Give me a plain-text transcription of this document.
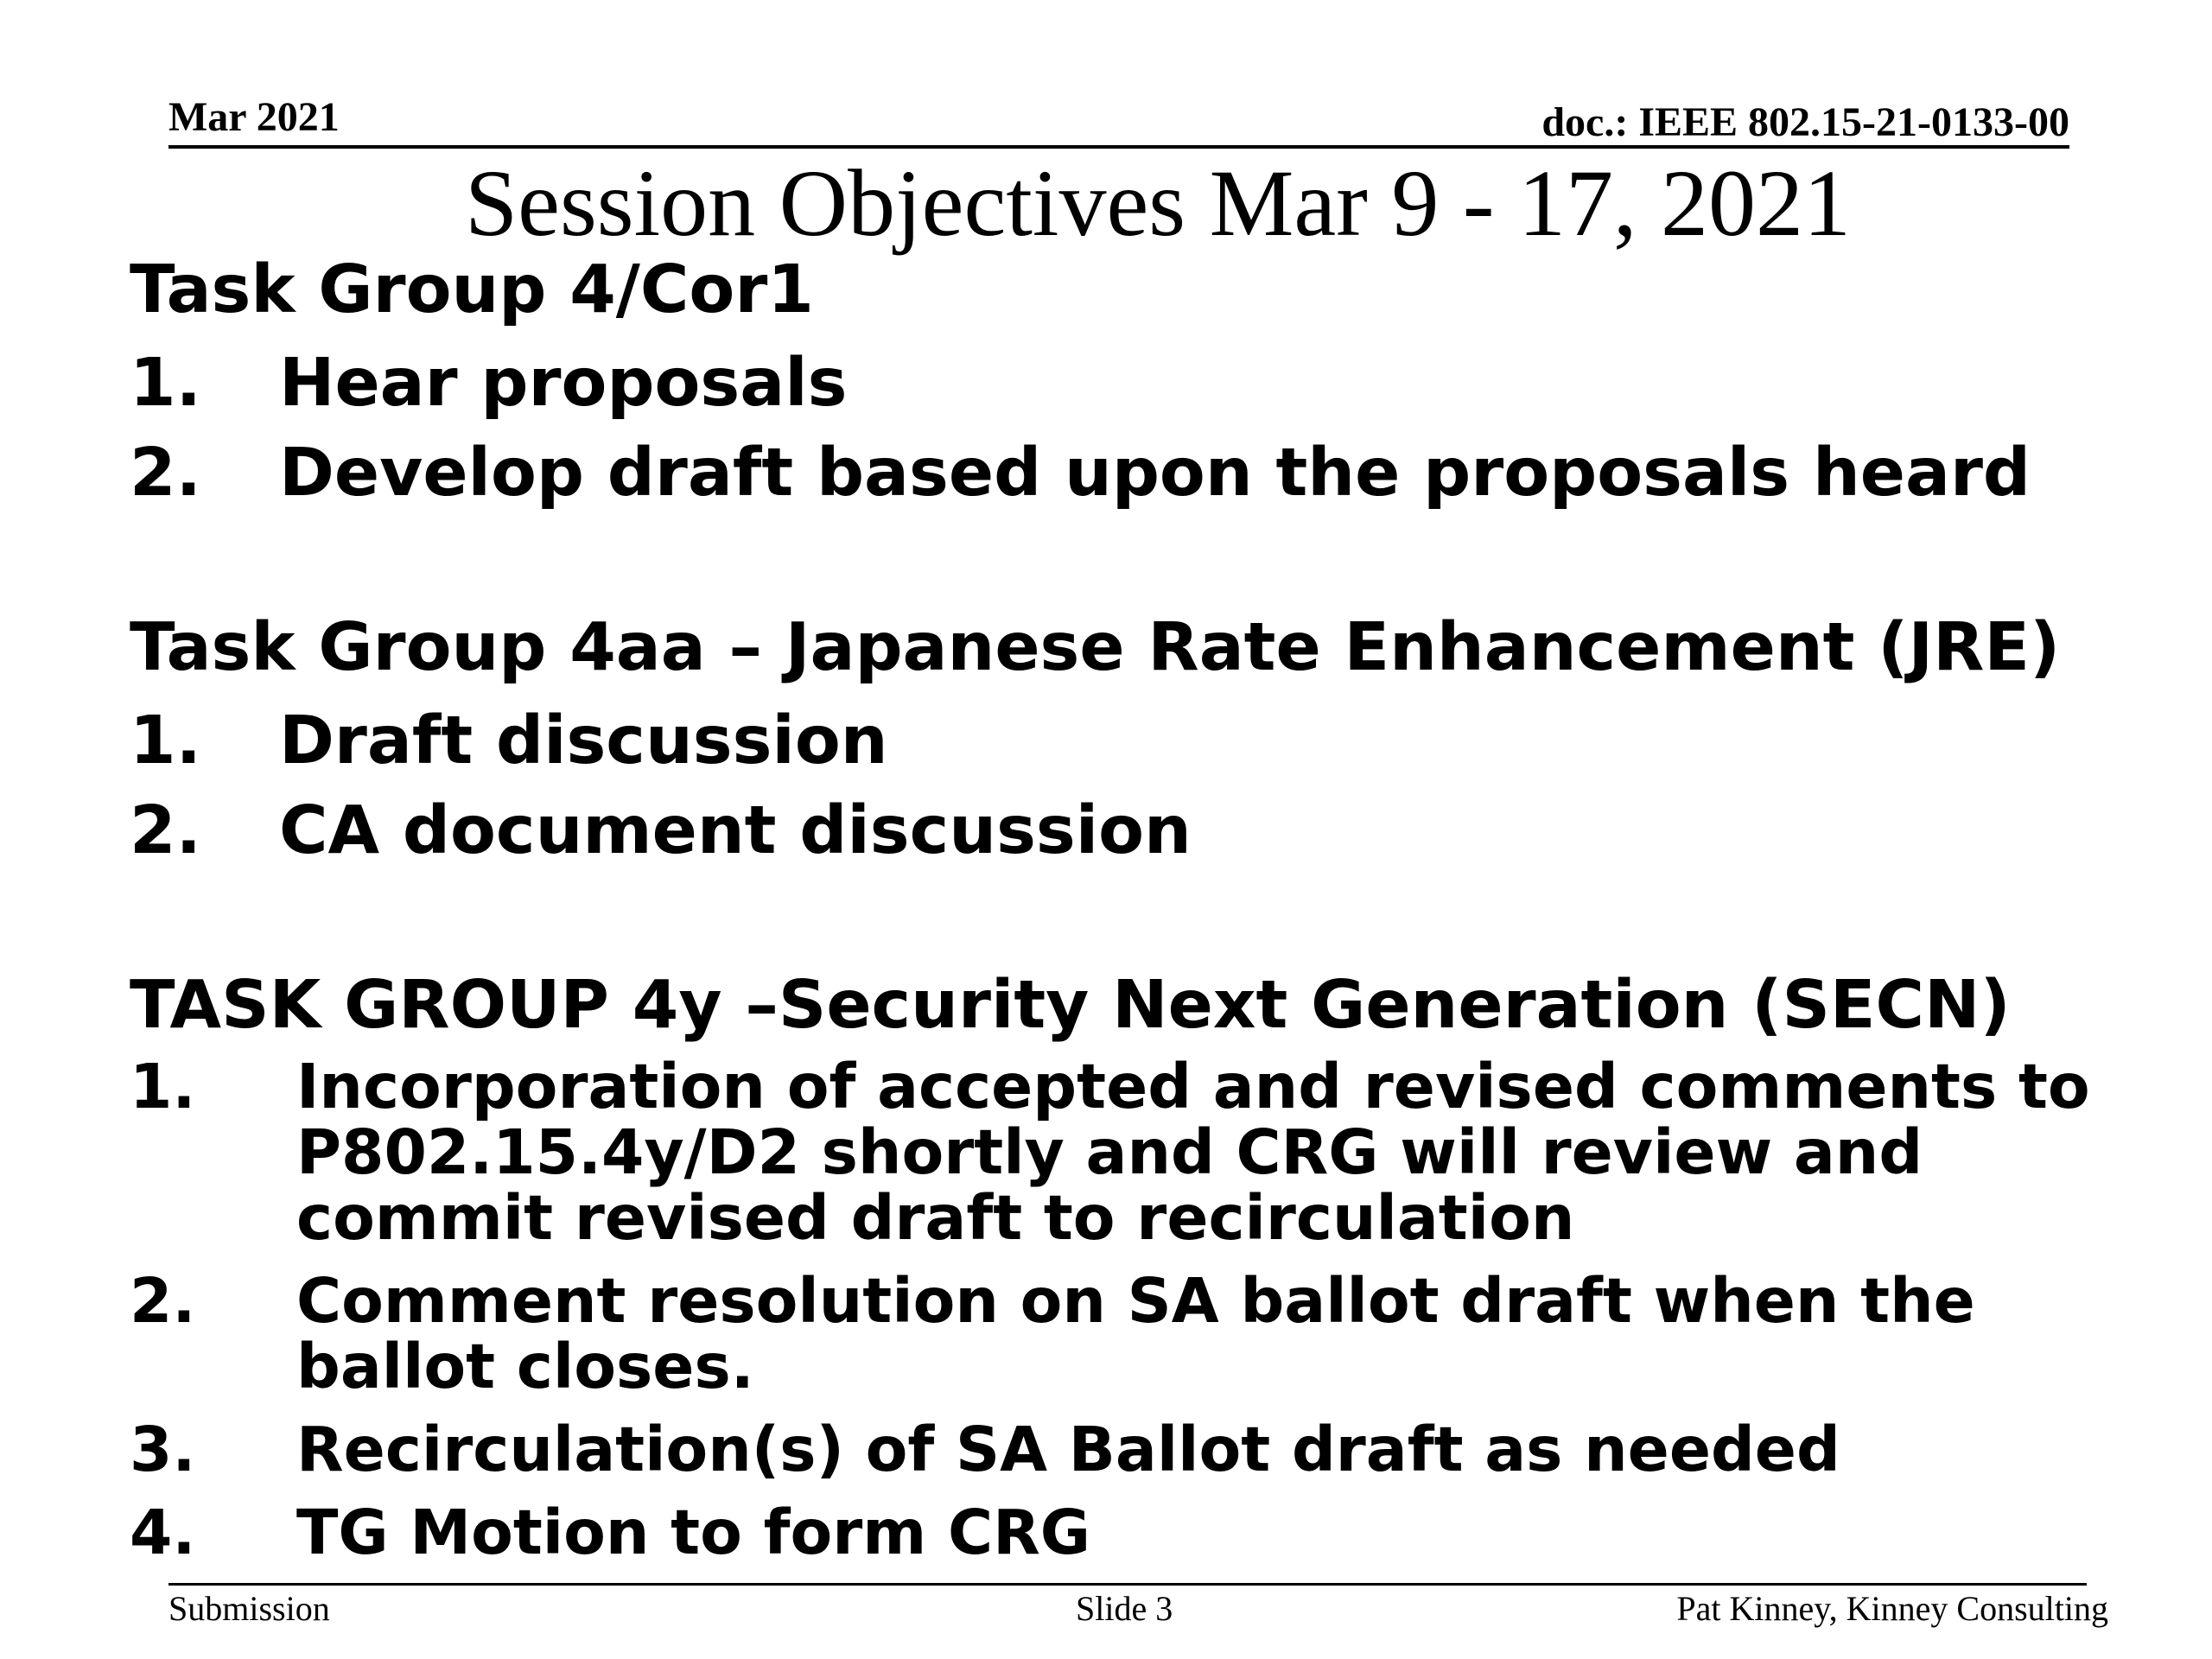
Mar 2021	doc.: IEEE 802.15-21-0133-00
Session Objectives Mar 9 - 17, 2021
Task Group 4/Cor1
1.	Hear proposals
2.	Develop draft based upon the proposals heard
Task Group 4aa – Japanese Rate Enhancement (JRE)
1.	Draft discussion
2.	CA document discussion
TASK GROUP 4y –Security Next Generation (SECN)
1.	Incorporation of accepted and revised comments to P802.15.4y/D2 shortly and CRG will review and commit revised draft to recirculation
2.	Comment resolution on SA ballot draft when the ballot closes.
3.	Recirculation(s) of SA Ballot draft as needed
4.	TG Motion to form CRG
Submission	Slide 3	Pat Kinney, Kinney Consulting
